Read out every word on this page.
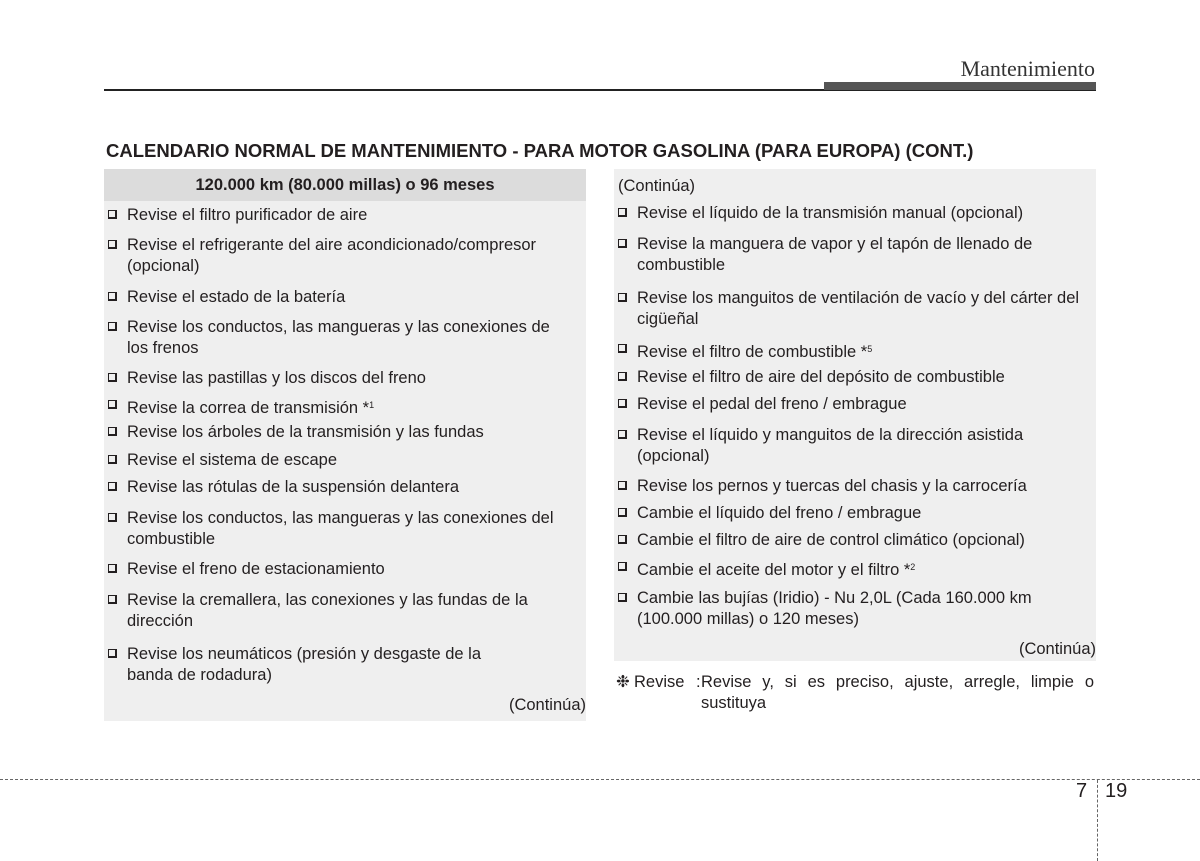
Mantenimiento
CALENDARIO NORMAL DE MANTENIMIENTO - PARA MOTOR GASOLINA (PARA EUROPA) (CONT.)
120.000 km (80.000 millas) o 96 meses
Revise el filtro purificador de aire
Revise el refrigerante del aire acondicionado/compresor (opcional)
Revise el estado de la batería
Revise los conductos, las mangueras y las conexiones de los frenos
Revise las pastillas y los discos del freno
Revise la correa de transmisión *$^1$
Revise los árboles de la transmisión y las fundas
Revise el sistema de escape
Revise las rótulas de la suspensión delantera
Revise los conductos, las mangueras y las conexiones del combustible
Revise el freno de estacionamiento
Revise la cremallera, las conexiones y las fundas de la dirección
Revise los neumáticos (presión y desgaste de la banda de rodadura)
(Continúa)
(Continúa)
Revise el líquido de la transmisión manual (opcional)
Revise la manguera de vapor y el tapón de llenado de combustible
Revise los manguitos de ventilación de vacío y del cárter del cigüeñal
Revise el filtro de combustible *$^5$
Revise el filtro de aire del depósito de combustible
Revise el pedal del freno / embrague
Revise el líquido y manguitos de la dirección asistida (opcional)
Revise los pernos y tuercas del chasis y la carrocería
Cambie el líquido del freno / embrague
Cambie el filtro de aire de control climático (opcional)
Cambie el aceite del motor y el filtro *$^2$
Cambie las bujías (Iridio) - Nu 2,0L (Cada 160.000 km (100.000 millas) o 120 meses)
(Continúa)
❉ Revise : Revise y, si es preciso, ajuste, arregle, limpie o sustituya
7 19
